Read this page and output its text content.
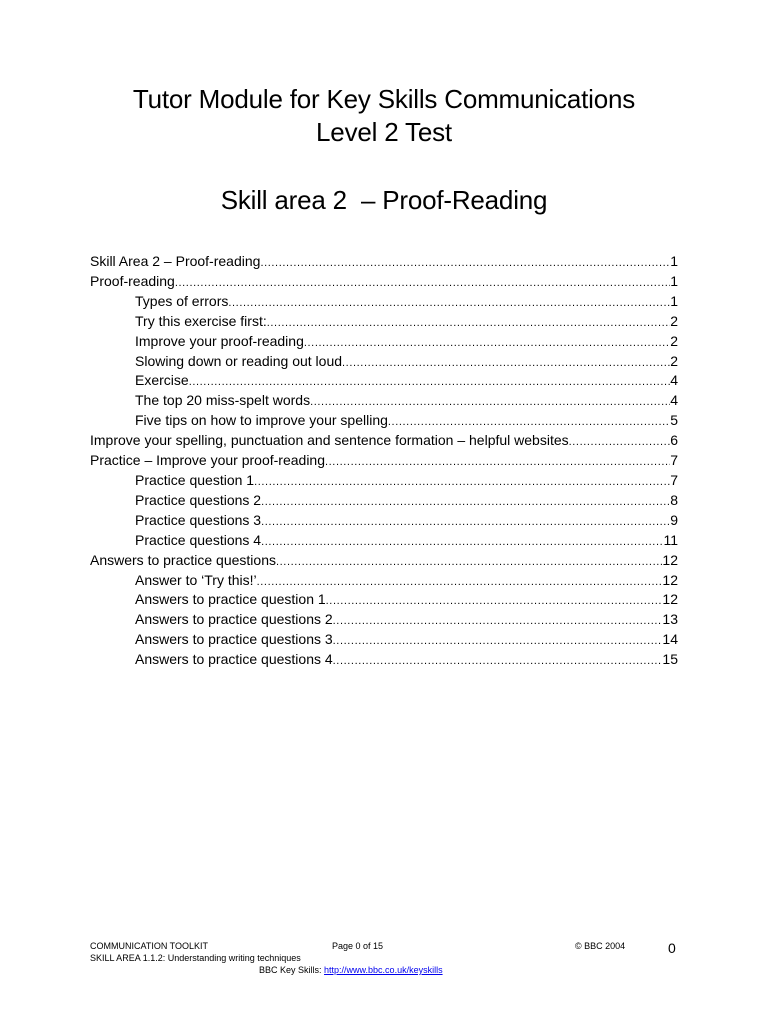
Tutor Module for Key Skills Communications
Level 2 Test
Skill area 2  – Proof-Reading
Skill Area 2 – Proof-reading .....	1
Proof-reading .....	1
Types of errors .....	1
Try this exercise first: .....	2
Improve your proof-reading .....	2
Slowing down or reading out loud .....	2
Exercise .....	4
The top 20 miss-spelt words .....	4
Five tips on how to improve your spelling .....	5
Improve your spelling, punctuation and sentence formation – helpful websites .....	6
Practice – Improve your proof-reading .....	7
Practice question 1 .....	7
Practice questions 2 .....	8
Practice questions 3 .....	9
Practice questions 4 .....	11
Answers to practice questions .....	12
Answer to ‘Try this!’ .....	12
Answers to practice question 1 .....	12
Answers to practice questions 2 .....	13
Answers to practice questions 3 .....	14
Answers to practice questions 4 .....	15
COMMUNICATION TOOLKIT	Page 0 of 15	© BBC 2004	0
SKILL AREA 1.1.2: Understanding writing techniques
BBC Key Skills: http://www.bbc.co.uk/keyskills
